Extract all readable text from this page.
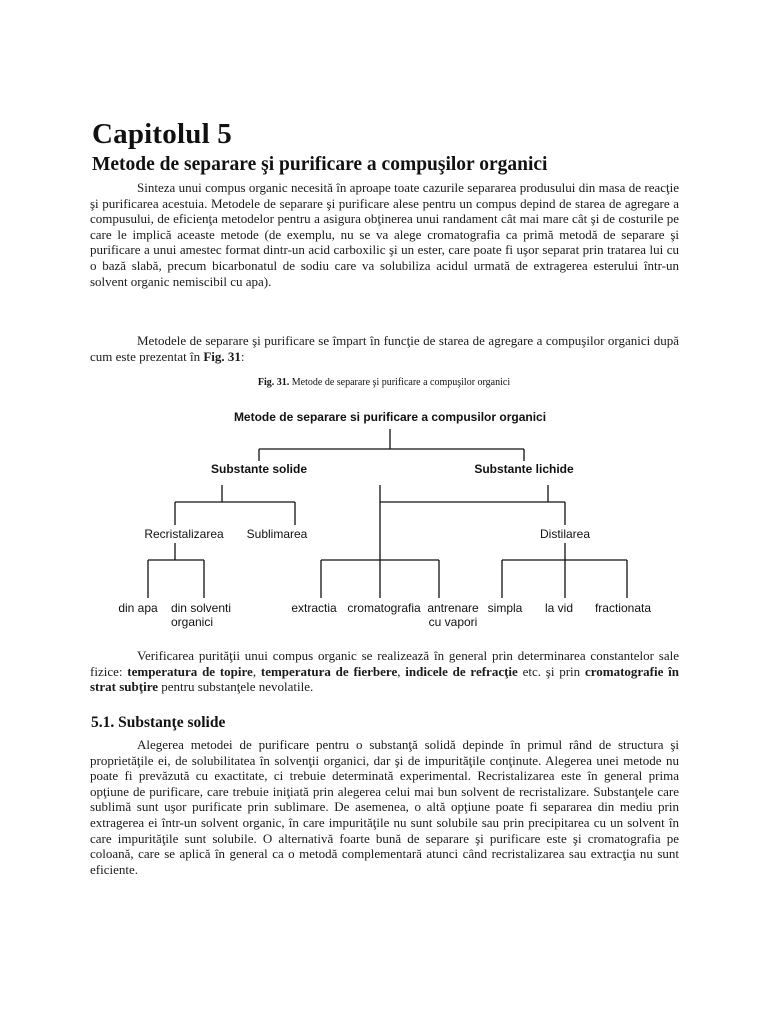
Capitolul 5
Metode de separare şi purificare a compuşilor organici

Sinteza unui compus organic necesită în aproape toate cazurile separarea produsului din masa de reacţie şi purificarea acestuia. Metodele de separare şi purificare alese pentru un compus depind de starea de agregare a compusului, de eficienţa metodelor pentru a asigura obţinerea unui randament cât mai mare cât şi de costurile pe care le implică aceaste metode (de exemplu, nu se va alege cromatografia ca primă metodă de separare şi purificare a unui amestec format dintr-un acid carboxilic şi un ester, care poate fi uşor separat prin tratarea lui cu o bază slabă, precum bicarbonatul de sodiu care va solubiliza acidul urmată de extragerea esterului într-un solvent organic nemiscibil cu apa).

Metodele de separare şi purificare se împart în funcţie de starea de agregare a compuşilor organici după cum este prezentat în Fig. 31:

Fig. 31. Metode de separare şi purificare a compuşilor organici
Metode de separare si purificare a compusilor organici
Substante solide	Substante lichide
Recristalizarea Sublimarea	Distilarea
din apa din solventi
organici
extractia cromatografia antrenare
cu vapori
simpla la vid fractionata

Verificarea purităţii unui compus organic se realizează în general prin determinarea constantelor sale fizice: temperatura de topire, temperatura de fierbere, indicele de refracţie etc. şi prin cromatografie în strat subţire pentru substanţele nevolatile.

5.1. Substanţe solide

Alegerea metodei de purificare pentru o substanţă solidă depinde în primul rând de structura şi proprietăţile ei, de solubilitatea în solvenţii organici, dar şi de impurităţile conţinute. Alegerea unei metode nu poate fi prevăzută cu exactitate, ci trebuie determinată experimental. Recristalizarea este în general prima opţiune de purificare, care trebuie iniţiată prin alegerea celui mai bun solvent de recristalizare. Substanţele care sublimă sunt uşor purificate prin sublimare. De asemenea, o altă opţiune poate fi separarea din mediu prin extragerea ei într-un solvent organic, în care impurităţile nu sunt solubile sau prin precipitarea cu un solvent în care impurităţile sunt solubile. O alternativă foarte bună de separare şi purificare este şi cromatografia pe coloană, care se aplică în general ca o metodă complementară atunci când recristalizarea sau extracţia nu sunt eficiente.
